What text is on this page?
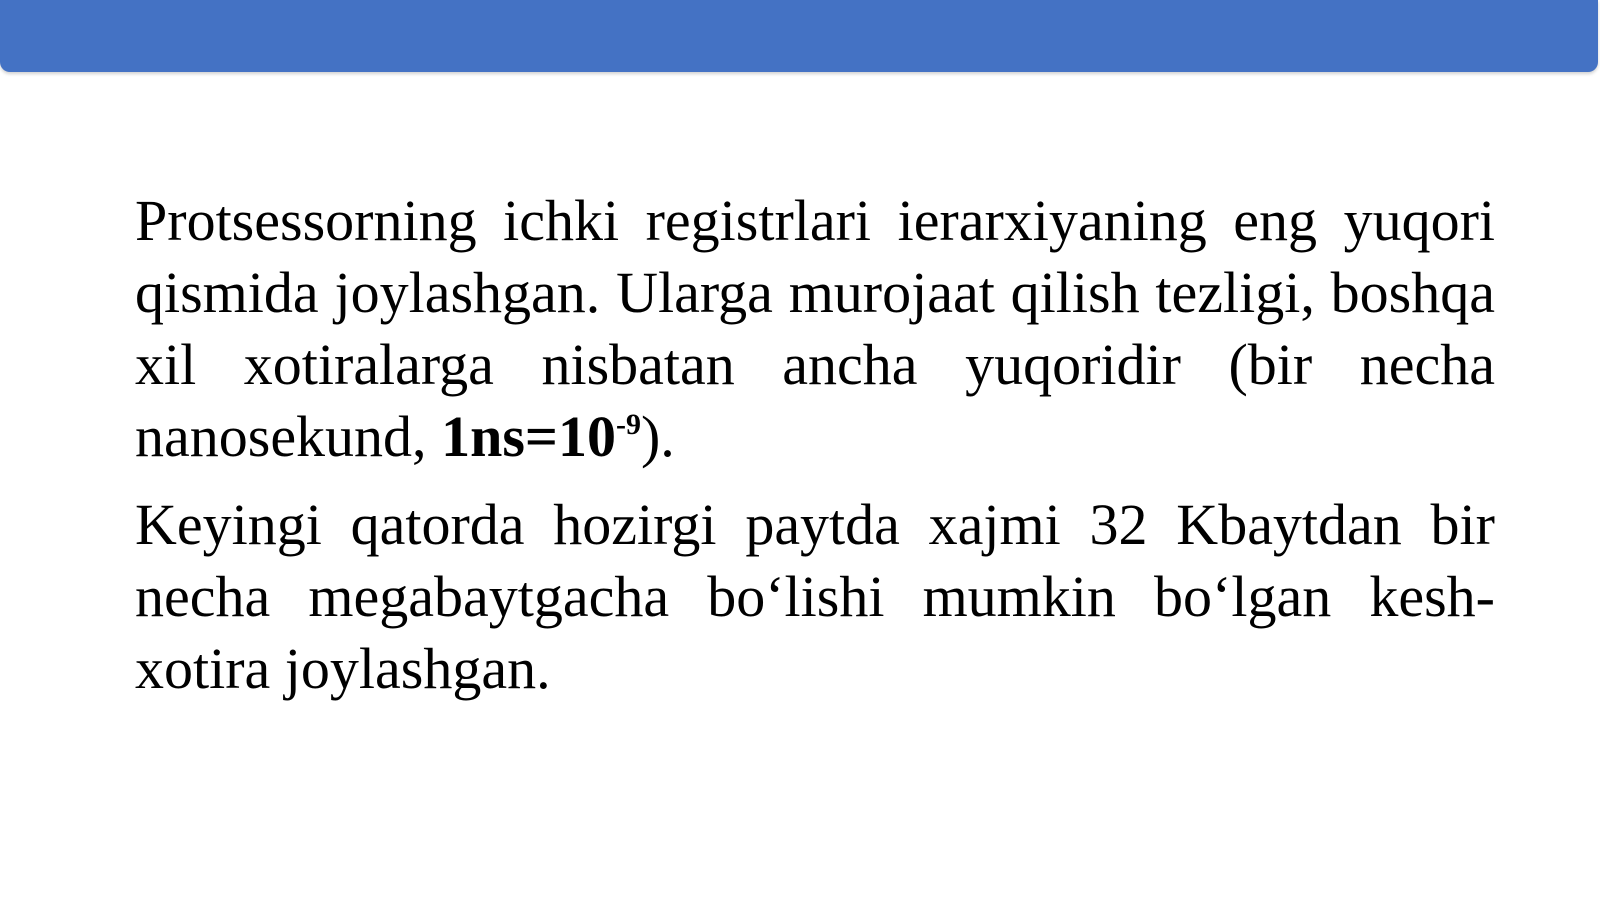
Protsessorning ichki registrlari ierarxiyaning eng yuqori qismida joylashgan. Ularga murojaat qilish tezligi, boshqa xil xotiralarga nisbatan ancha yuqoridir (bir necha nanosekund, $1ns=10^{-9}$).

Keyingi qatorda hozirgi paytda xajmi 32 Kbaytdan bir necha megabaytgacha bo‘lishi mumkin bo‘lgan kesh-xotira joylashgan.
